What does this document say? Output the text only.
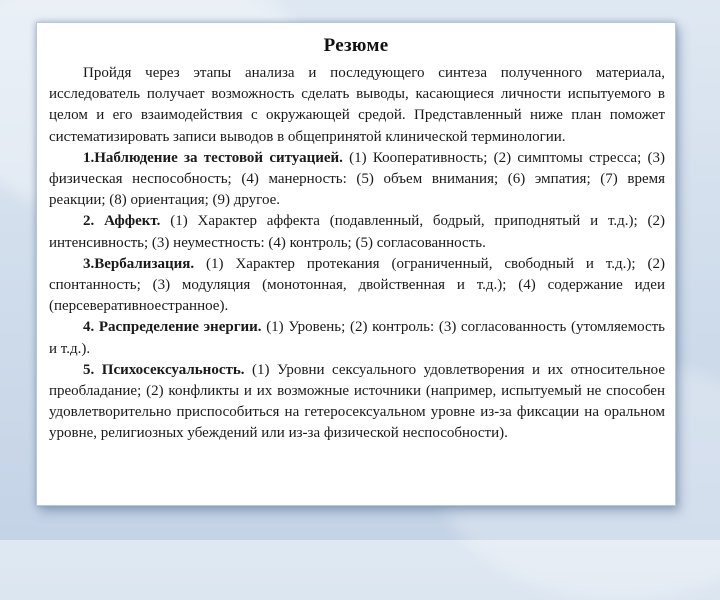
Резюме

Пройдя через этапы анализа и последующего синтеза полученного материала, исследователь получает возможность сделать выводы, касающиеся личности испытуемого в целом и его взаимодействия с окружающей средой. Представленный ниже план поможет систематизировать записи выводов в общепринятой клинической терминологии.

1.Наблюдение за тестовой ситуацией. (1) Кооперативность; (2) симптомы стресса; (3) физическая неспособность; (4) манерность: (5) объем внимания; (6) эмпатия; (7) время реакции; (8) ориентация; (9) другое.

2. Аффект. (1) Характер аффекта (подавленный, бодрый, приподнятый и т.д.); (2) интенсивность; (3) неуместность: (4) контроль; (5) согласованность.

3.Вербализация. (1) Характер протекания (ограниченный, свободный и т.д.); (2) спонтанность; (3) модуляция (монотонная, двойственная и т.д.); (4) содержание идеи (персеверативноестранное).

4. Распределение энергии. (1) Уровень; (2) контроль: (3) согласованность (утомляемость и т.д.).

5. Психосексуальность. (1) Уровни сексуального удовлетворения и их относительное преобладание; (2) конфликты и их возможные источники (например, испытуемый не способен удовлетворительно приспособиться на гетеросексуальном уровне из-за фиксации на оральном уровне, религиозных убеждений или из-за физической неспособности).
